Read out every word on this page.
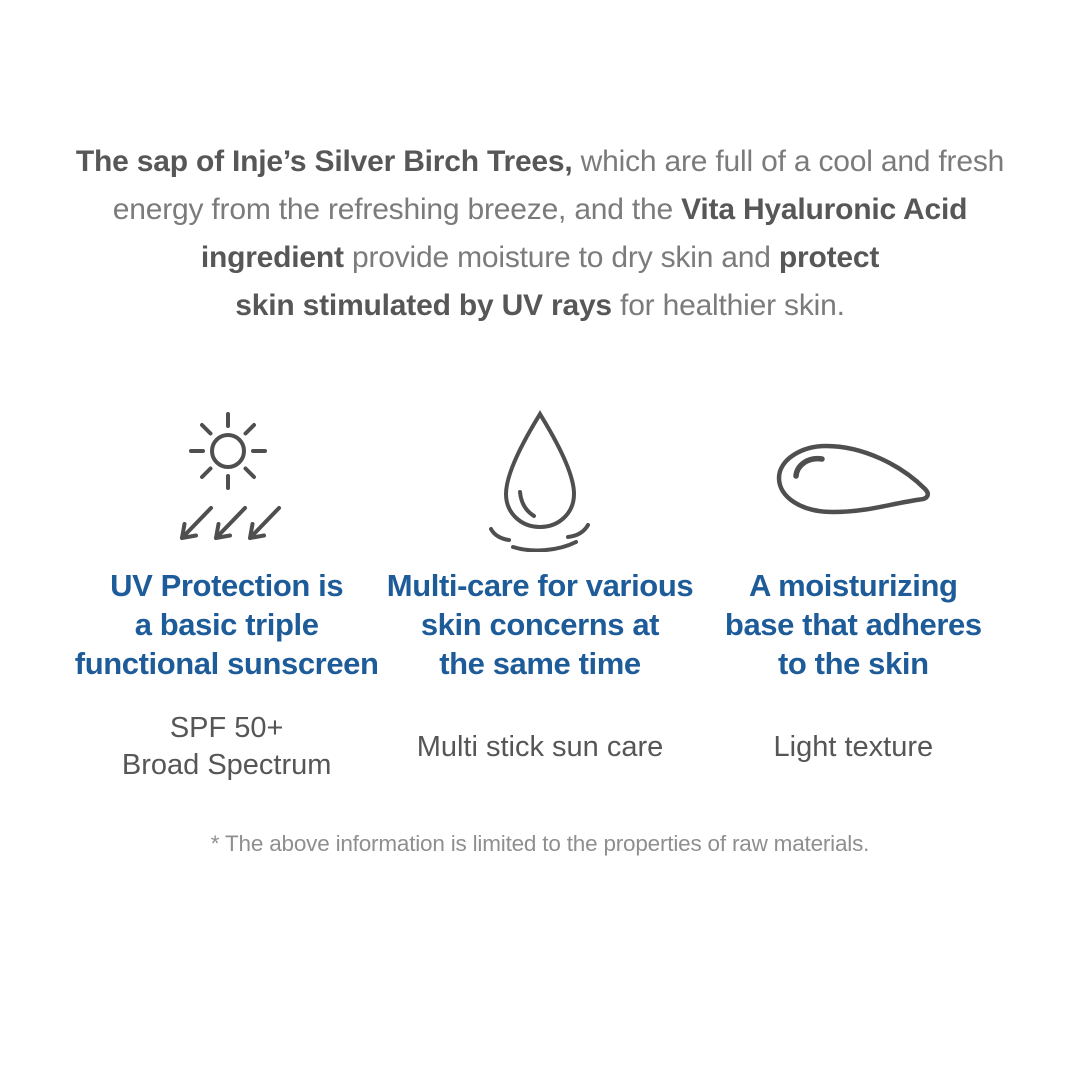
The sap of Inje’s Silver Birch Trees, which are full of a cool and fresh
energy from the refreshing breeze, and the Vita Hyaluronic Acid
ingredient provide moisture to dry skin and protect
skin stimulated by UV rays for healthier skin.
UV Protection is
a basic triple
functional sunscreen
SPF 50+
Broad Spectrum
Multi-care for various
skin concerns at
the same time
Multi stick sun care
A moisturizing
base that adheres
to the skin
Light texture
* The above information is limited to the properties of raw materials.
